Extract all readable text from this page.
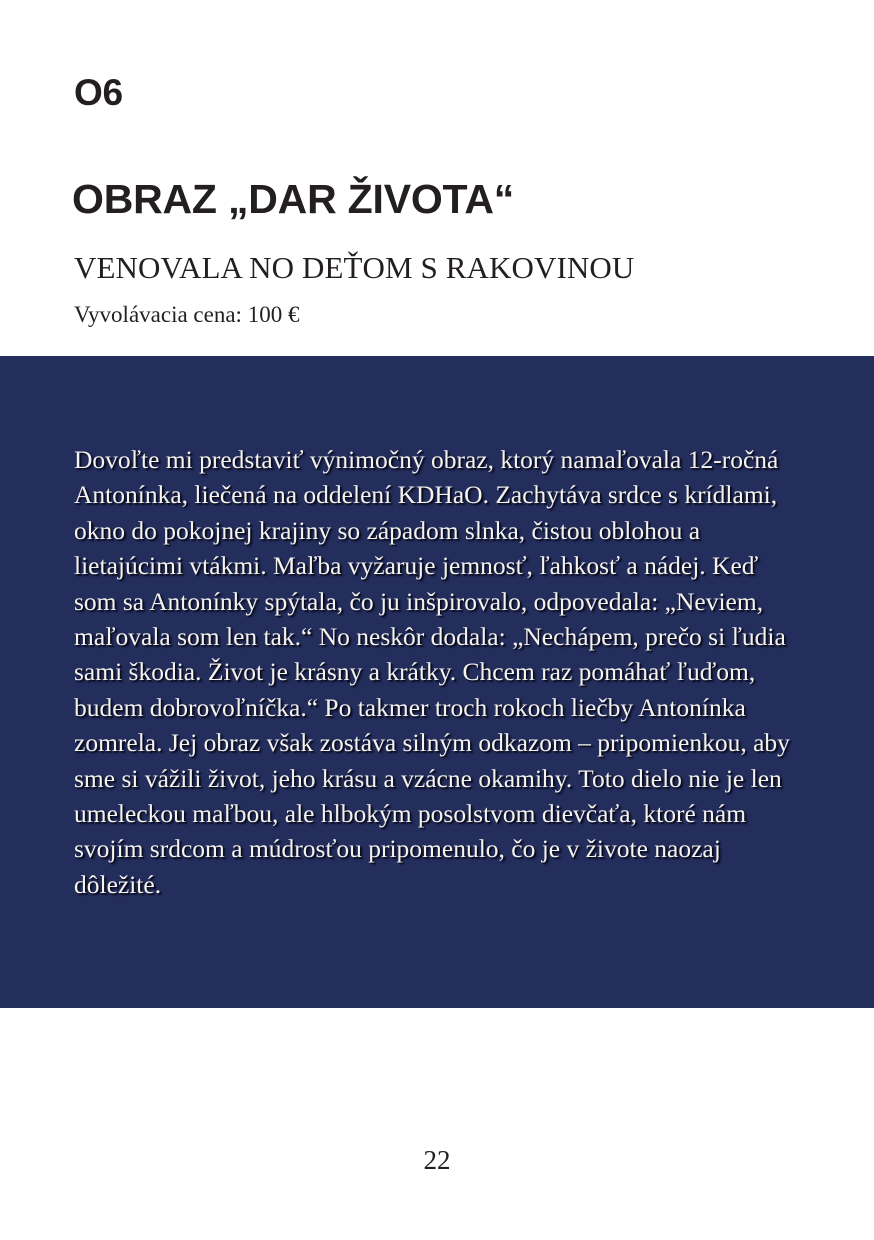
O6
OBRAZ „DAR ŽIVOTA“
VENOVALA NO DEŤOM S RAKOVINOU
Vyvolávacia cena: 100 €

Dovoľte mi predstaviť výnimočný obraz, ktorý namaľovala 12-ročná Antonínka, liečená na oddelení KDHaO. Zachytáva srdce s krídlami, okno do pokojnej krajiny so západom slnka, čistou oblohou a lietajúcimi vtákmi. Maľba vyžaruje jemnosť, ľahkosť a nádej. Keď som sa Antonínky spýtala, čo ju inšpirovalo, odpovedala: „Neviem, maľovala som len tak.“ No neskôr dodala: „Nechápem, prečo si ľudia sami škodia. Život je krásny a krátky. Chcem raz pomáhať ľuďom, budem dobrovoľníčka.“ Po takmer troch rokoch liečby Antonínka zomrela. Jej obraz však zostáva silným odkazom – pripomienkou, aby sme si vážili život, jeho krásu a vzácne okamihy. Toto dielo nie je len umeleckou maľbou, ale hlbokým posolstvom dievčaťa, ktoré nám svojím srdcom a múdrosťou pripomenulo, čo je v živote naozaj dôležité.

22
